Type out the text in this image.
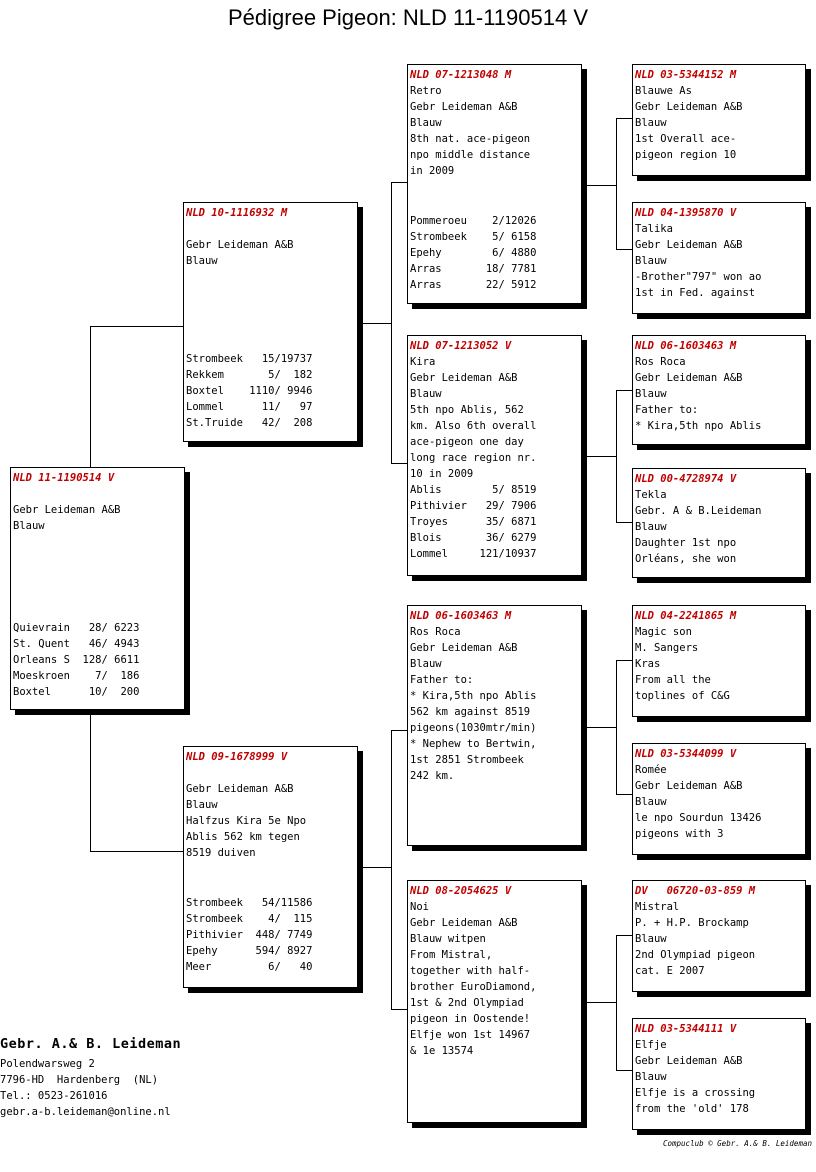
Pédigree Pigeon: NLD 11-1190514 V
NLD 11-1190514 V
Gebr Leideman A&B
Blauw
Quievrain   28/ 6223
St. Quent   46/ 4943
Orleans S  128/ 6611
Moeskroen    7/  186
Boxtel      10/  200
NLD 10-1116932 M
Gebr Leideman A&B
Blauw
Strombeek   15/19737
Rekkem       5/  182
Boxtel    1110/ 9946
Lommel      11/   97
St.Truide   42/  208
NLD 09-1678999 V
Gebr Leideman A&B
Blauw
Halfzus Kira 5e Npo
Ablis 562 km tegen
8519 duiven
Strombeek   54/11586
Strombeek    4/  115
Pithivier  448/ 7749
Epehy      594/ 8927
Meer         6/   40
NLD 07-1213048 M
Retro
Gebr Leideman A&B
Blauw
8th nat. ace-pigeon
npo middle distance
in 2009
Pommeroeu    2/12026
Strombeek    5/ 6158
Epehy        6/ 4880
Arras       18/ 7781
Arras       22/ 5912
NLD 07-1213052 V
Kira
Gebr Leideman A&B
Blauw
5th npo Ablis, 562
km. Also 6th overall
ace-pigeon one day
long race region nr.
10 in 2009
Ablis        5/ 8519
Pithivier   29/ 7906
Troyes      35/ 6871
Blois       36/ 6279
Lommel     121/10937
NLD 06-1603463 M
Ros Roca
Gebr Leideman A&B
Blauw
Father to:
* Kira,5th npo Ablis
562 km against 8519
pigeons(1030mtr/min)
* Nephew to Bertwin,
1st 2851 Strombeek
242 km.
NLD 08-2054625 V
Noi
Gebr Leideman A&B
Blauw witpen
From Mistral,
together with half-
brother EuroDiamond,
1st & 2nd Olympiad
pigeon in Oostende!
Elfje won 1st 14967
& 1e 13574
NLD 03-5344152 M
Blauwe As
Gebr Leideman A&B
Blauw
1st Overall ace-
pigeon region 10
NLD 04-1395870 V
Talika
Gebr Leideman A&B
Blauw
-Brother"797" won ao
1st in Fed. against
NLD 06-1603463 M
Ros Roca
Gebr Leideman A&B
Blauw
Father to:
* Kira,5th npo Ablis
NLD 00-4728974 V
Tekla
Gebr. A & B.Leideman
Blauw
Daughter 1st npo
Orléans, she won
NLD 04-2241865 M
Magic son
M. Sangers
Kras
From all the
toplines of C&G
NLD 03-5344099 V
Romée
Gebr Leideman A&B
Blauw
le npo Sourdun 13426
pigeons with 3
DV   06720-03-859 M
Mistral
P. + H.P. Brockamp
Blauw
2nd Olympiad pigeon
cat. E 2007
NLD 03-5344111 V
Elfje
Gebr Leideman A&B
Blauw
Elfje is a crossing
from the 'old' 178
Gebr. A.& B. Leideman
Polendwarsweg 2
7796-HD  Hardenberg  (NL)
Tel.: 0523-261016
gebr.a-b.leideman@online.nl
Compuclub © Gebr. A.& B. Leideman
